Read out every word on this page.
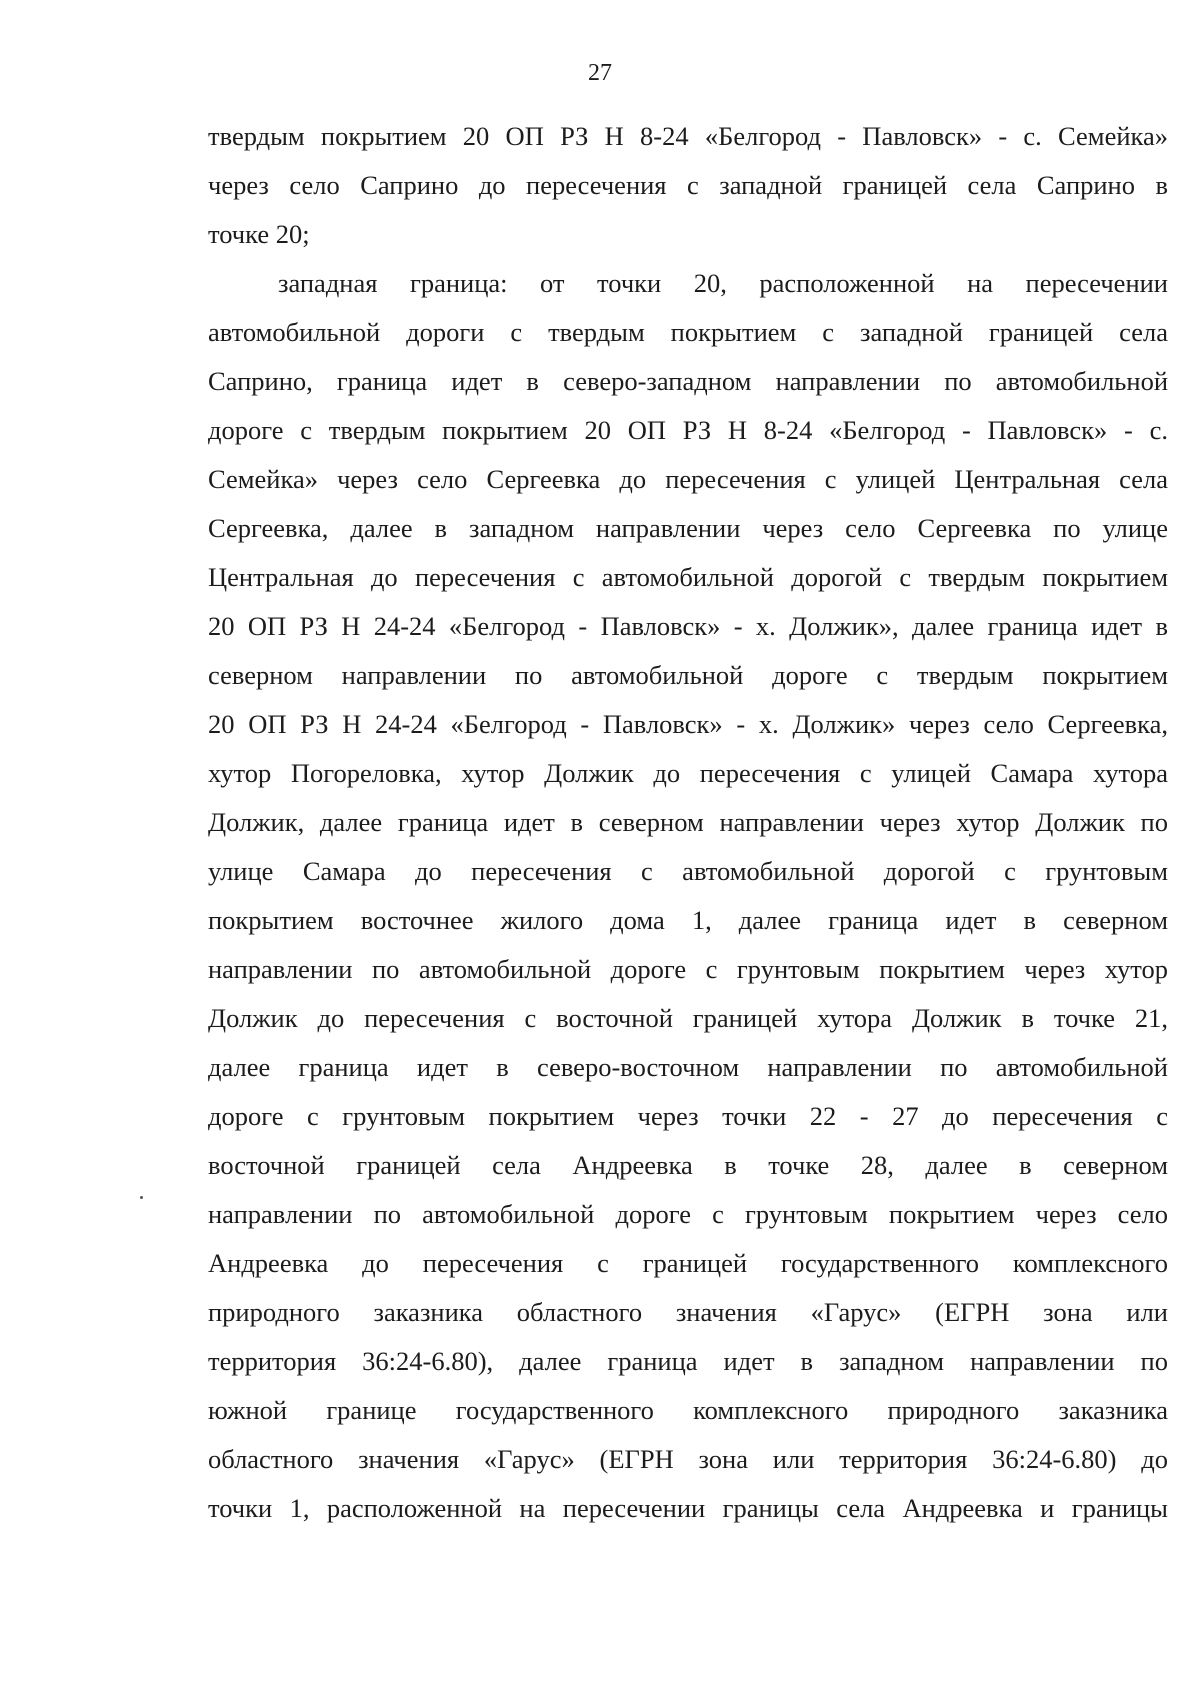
27
твердым покрытием 20 ОП РЗ Н 8-24 «Белгород - Павловск» - с. Семейка»
через село Саприно до пересечения с западной границей села Саприно в
точке 20;
западная граница: от точки 20, расположенной на пересечении
автомобильной дороги с твердым покрытием с западной границей села
Саприно, граница идет в северо-западном направлении по автомобильной
дороге с твердым покрытием 20 ОП РЗ Н 8-24 «Белгород - Павловск» - с.
Семейка» через село Сергеевка до пересечения с улицей Центральная села
Сергеевка, далее в западном направлении через село Сергеевка по улице
Центральная до пересечения с автомобильной дорогой с твердым покрытием
20 ОП РЗ Н 24-24 «Белгород - Павловск» - х. Должик», далее граница идет в
северном направлении по автомобильной дороге с твердым покрытием
20 ОП РЗ Н 24-24 «Белгород - Павловск» - х. Должик» через село Сергеевка,
хутор Погореловка, хутор Должик до пересечения с улицей Самара хутора
Должик, далее граница идет в северном направлении через хутор Должик по
улице Самара до пересечения с автомобильной дорогой с грунтовым
покрытием восточнее жилого дома 1, далее граница идет в северном
направлении по автомобильной дороге с грунтовым покрытием через хутор
Должик до пересечения с восточной границей хутора Должик в точке 21,
далее граница идет в северо-восточном направлении по автомобильной
дороге с грунтовым покрытием через точки 22 - 27 до пересечения с
восточной границей села Андреевка в точке 28, далее в северном
направлении по автомобильной дороге с грунтовым покрытием через село
Андреевка до пересечения с границей государственного комплексного
природного заказника областного значения «Гарус» (ЕГРН зона или
территория 36:24-6.80), далее граница идет в западном направлении по
южной границе государственного комплексного природного заказника
областного значения «Гарус» (ЕГРН зона или территория 36:24-6.80) до
точки 1, расположенной на пересечении границы села Андреевка и границы
